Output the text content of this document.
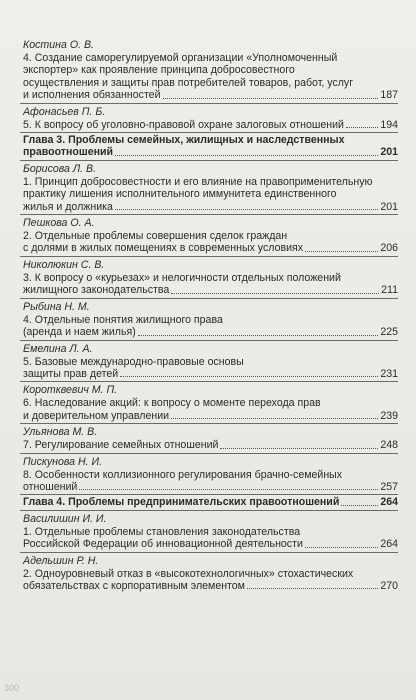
Костина О. В.
4. Создание саморегулируемой организации «Уполномоченный
экспортер» как проявление принципа добросовестного
осуществления и защиты прав потребителей товаров, работ, услуг
и исполнения обязанностей	187
Афонасьев П. Б.
5. К вопросу об уголовно-правовой охране залоговых отношений	194
Глава 3. Проблемы семейных, жилищных и наследственных
правоотношений	201
Борисова Л. В.
1. Принцип добросовестности и его влияние на правоприменительную
практику лишения исполнительного иммунитета единственного
жилья и должника	201
Пешкова О. А.
2. Отдельные проблемы совершения сделок граждан
с долями в жилых помещениях в современных условиях	206
Николюкин С. В.
3. К вопросу о «курьезах» и нелогичности отдельных положений
жилищного законодательства	211
Рыбина Н. М.
4. Отдельные понятия жилищного права
(аренда и наем жилья)	225
Емелина Л. А.
5. Базовые международно-правовые основы
защиты прав детей	231
Коротквевич М. П.
6. Наследование акций: к вопросу о моменте перехода прав
и доверительном управлении	239
Ульянова М. В.
7. Регулирование семейных отношений	248
Пискунова Н. И.
8. Особенности коллизионного регулирования брачно-семейных
отношений	257
Глава 4. Проблемы предпринимательских правоотношений	264
Василишин И. И.
1. Отдельные проблемы становления законодательства
Российской Федерации об инновационной деятельности	264
Адельшин Р. Н.
2. Одноуровневый отказ в «высокотехнологичных» стохастических
обязательствах с корпоративным элементом	270
300
